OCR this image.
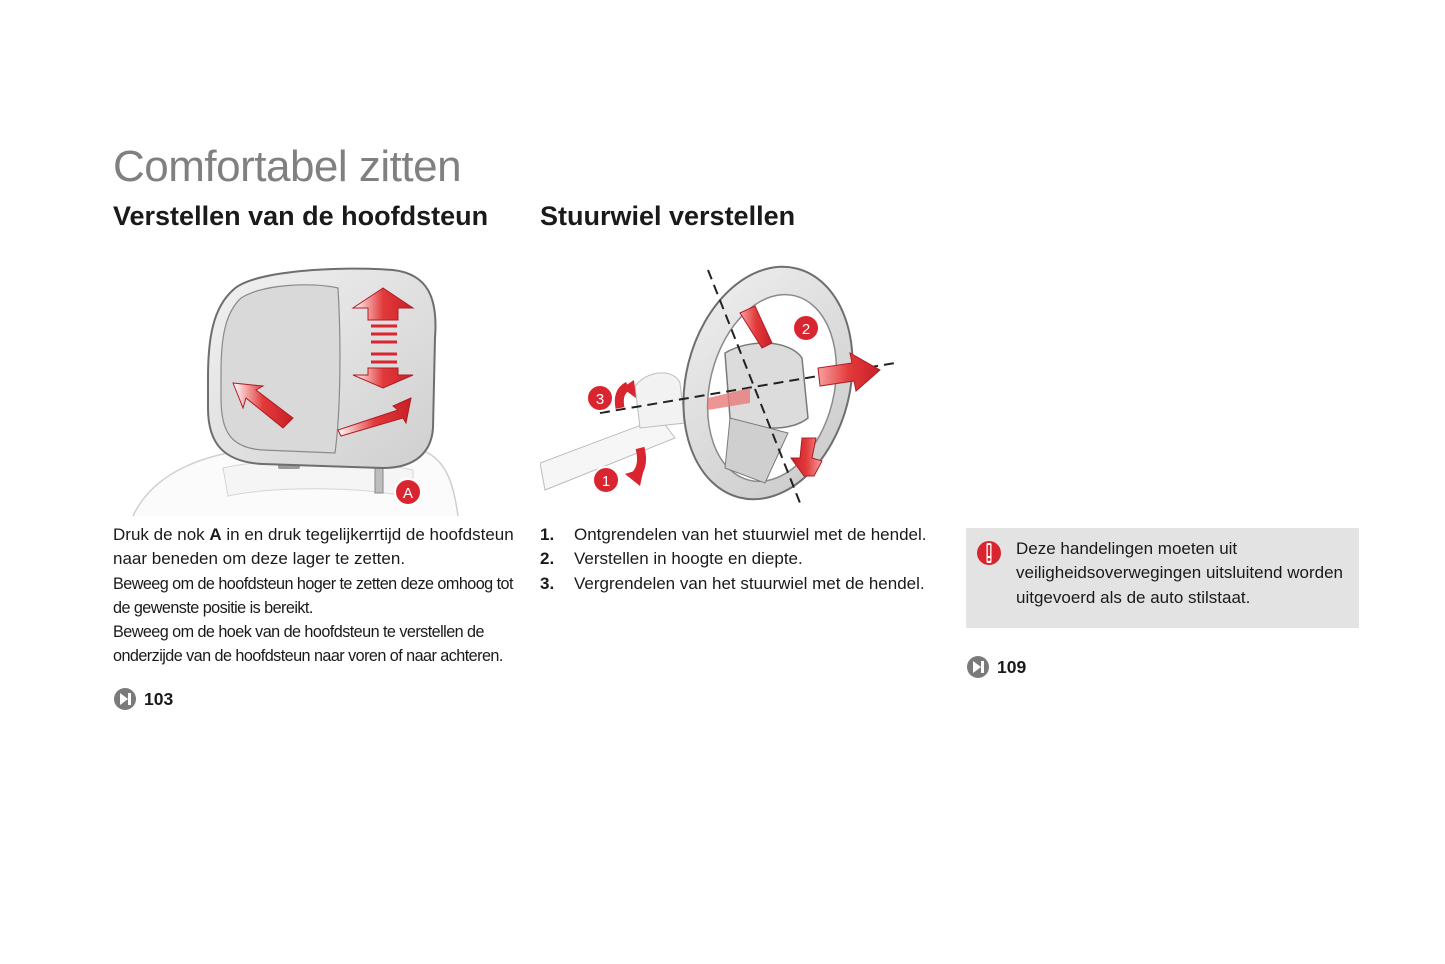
Comfortabel zitten
Verstellen van de hoofdsteun Stuurwiel verstellen
A
3
2
1

Druk de nok A in en druk tegelijkerrtijd de hoofdsteun naar beneden om deze lager te zetten.

Beweeg om de hoofdsteun hoger te zetten deze omhoog tot de gewenste positie is bereikt.

Beweeg om de hoek van de hoofdsteun te verstellen de onderzijde van de hoofdsteun naar voren of naar achteren.

1.	Ontgrendelen van het stuurwiel met de hendel.
2.	Verstellen in hoogte en diepte.
3.	Vergrendelen van het stuurwiel met de hendel.
Deze handelingen moeten uit veiligheidsoverwegingen uitsluitend worden uitgevoerd als de auto stilstaat.
103
109
